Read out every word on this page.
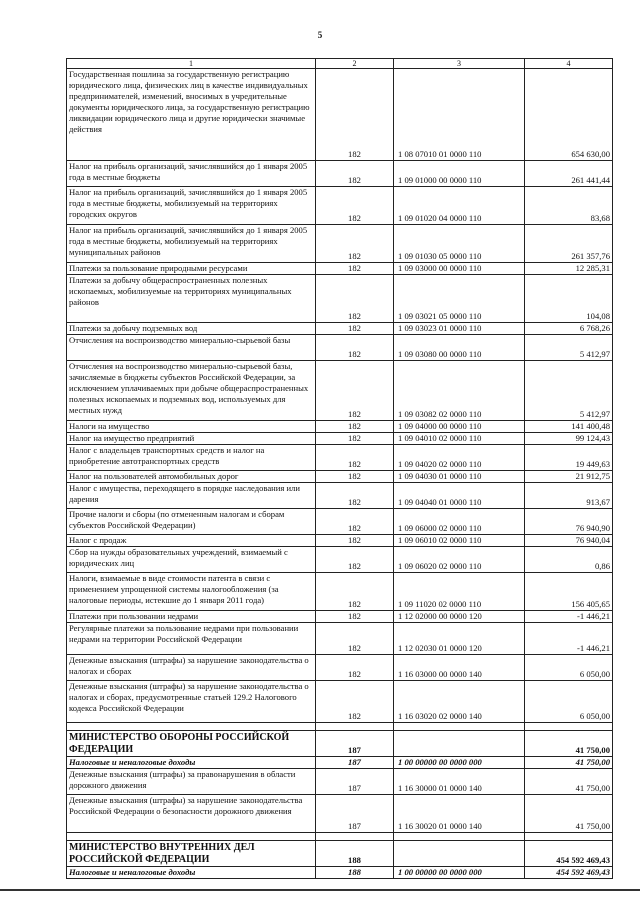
5
1	2	3	4
Государственная пошлина за государственную регистрацию юридического лица, физических лиц в качестве индивидуальных предпринимателей, изменений, вносимых в учредительные документы юридического лица, за государственную регистрацию ликвидации юридического лица и другие юридически значимые действия	182	1 08 07010 01 0000 110	654 630,00
Налог на прибыль организаций, зачислявшийся до 1 января 2005 года в местные бюджеты	182	1 09 01000 00 0000 110	261 441,44
Налог на прибыль организаций, зачислявшийся до 1 января 2005 года в местные бюджеты, мобилизуемый на территориях городских округов	182	1 09 01020 04 0000 110	83,68
Налог на прибыль организаций, зачислявшийся до 1 января 2005 года в местные бюджеты, мобилизуемый на территориях муниципальных районов	182	1 09 01030 05 0000 110	261 357,76
Платежи за пользование природными ресурсами	182	1 09 03000 00 0000 110	12 285,31
Платежи за добычу общераспространенных полезных ископаемых, мобилизуемые на территориях муниципальных районов	182	1 09 03021 05 0000 110	104,08
Платежи за добычу подземных вод	182	1 09 03023 01 0000 110	6 768,26
Отчисления на воспроизводство минерально-сырьевой базы	182	1 09 03080 00 0000 110	5 412,97
Отчисления на воспроизводство минерально-сырьевой базы, зачисляемые в бюджеты субъектов Российской Федерации, за исключением уплачиваемых при добыче общераспространенных полезных ископаемых и подземных вод, используемых для местных нужд	182	1 09 03082 02 0000 110	5 412,97
Налоги на имущество	182	1 09 04000 00 0000 110	141 400,48
Налог на имущество предприятий	182	1 09 04010 02 0000 110	99 124,43
Налог с владельцев транспортных средств и налог на приобретение автотранспортных средств	182	1 09 04020 02 0000 110	19 449,63
Налог на пользователей автомобильных дорог	182	1 09 04030 01 0000 110	21 912,75
Налог с имущества, переходящего в порядке наследования или дарения	182	1 09 04040 01 0000 110	913,67
Прочие налоги и сборы (по отмененным налогам и сборам субъектов Российской Федерации)	182	1 09 06000 02 0000 110	76 940,90
Налог с продаж	182	1 09 06010 02 0000 110	76 940,04
Сбор на нужды образовательных учреждений, взимаемый с юридических лиц	182	1 09 06020 02 0000 110	0,86
Налоги, взимаемые в виде стоимости патента в связи с применением упрощенной системы налогообложения (за налоговые периоды, истекшие до 1 января 2011 года)	182	1 09 11020 02 0000 110	156 405,65
Платежи при пользовании недрами	182	1 12 02000 00 0000 120	-1 446,21
Регулярные платежи за пользование недрами при пользовании недрами на территории Российской Федерации	182	1 12 02030 01 0000 120	-1 446,21
Денежные взыскания (штрафы) за нарушение законодательства о налогах и сборах	182	1 16 03000 00 0000 140	6 050,00
Денежные взыскания (штрафы) за нарушение законодательства о налогах и сборах, предусмотренные статьей 129.2 Налогового кодекса Российской Федерации	182	1 16 03020 02 0000 140	6 050,00

МИНИСТЕРСТВО ОБОРОНЫ РОССИЙСКОЙ ФЕДЕРАЦИИ	187		41 750,00
Налоговые и неналоговые доходы	187	1 00 00000 00 0000 000	41 750,00
Денежные взыскания (штрафы) за правонарушения в области дорожного движения	187	1 16 30000 01 0000 140	41 750,00
Денежные взыскания (штрафы) за нарушение законодательства Российской Федерации о безопасности дорожного движения	187	1 16 30020 01 0000 140	41 750,00

МИНИСТЕРСТВО ВНУТРЕННИХ ДЕЛ РОССИЙСКОЙ ФЕДЕРАЦИИ	188		454 592 469,43
Налоговые и неналоговые доходы	188	1 00 00000 00 0000 000	454 592 469,43
